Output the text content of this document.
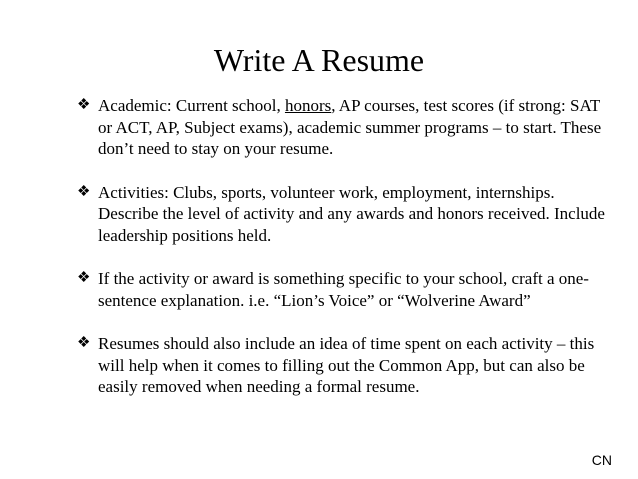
Write A Resume
❖ Academic: Current school, honors, AP courses, test scores (if strong: SAT or ACT, AP, Subject exams), academic summer programs – to start. These don’t need to stay on your resume.
❖ Activities: Clubs, sports, volunteer work, employment, internships. Describe the level of activity and any awards and honors received. Include leadership positions held.
❖ If the activity or award is something specific to your school, craft a one-sentence explanation. i.e. “Lion’s Voice” or “Wolverine Award”
❖ Resumes should also include an idea of time spent on each activity – this will help when it comes to filling out the Common App, but can also be easily removed when needing a formal resume.
CN
